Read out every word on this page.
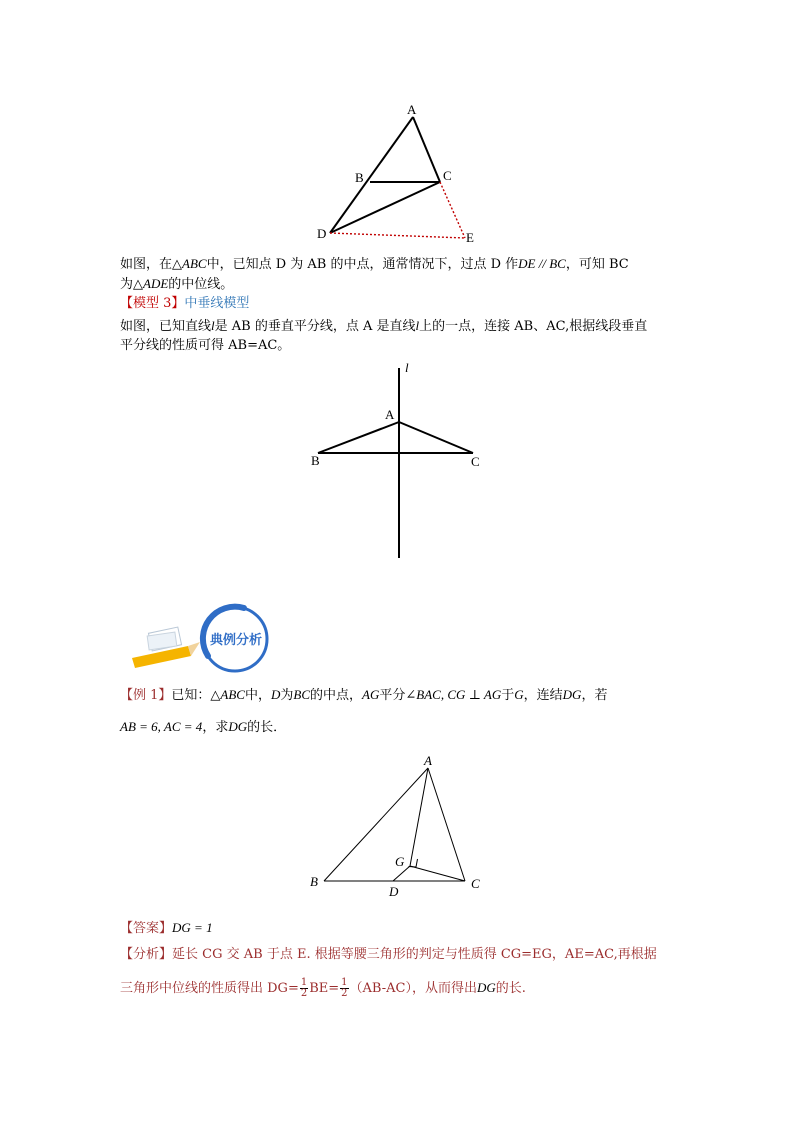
A
B	C
D	E
如图，在△ABC中，已知点 D 为 AB 的中点，通常情况下，过点 D 作DE // BC，可知 BC
为△ADE的中位线。
【模型 3】中垂线模型
如图，已知直线l是 AB 的垂直平分线，点 A 是直线l上的一点，连接 AB、AC,根据线段垂直
平分线的性质可得 AB=AC。
l
A
B	C
典例分析
【例 1】已知：△ABC中，D为BC的中点，AG平分∠BAC, CG ⊥ AG于G，连结DG，若
AB = 6, AC = 4，求DG的长．
A
B	C
D
G
【答案】DG = 1
【分析】延长 CG 交 AB 于点 E. 根据等腰三角形的判定与性质得 CG=EG，AE=AC,再根据
三角形中位线的性质得出 $DG= \frac{1}{2} BE= \frac{1}{2} (AB-AC)$，从而得出DG的长.
